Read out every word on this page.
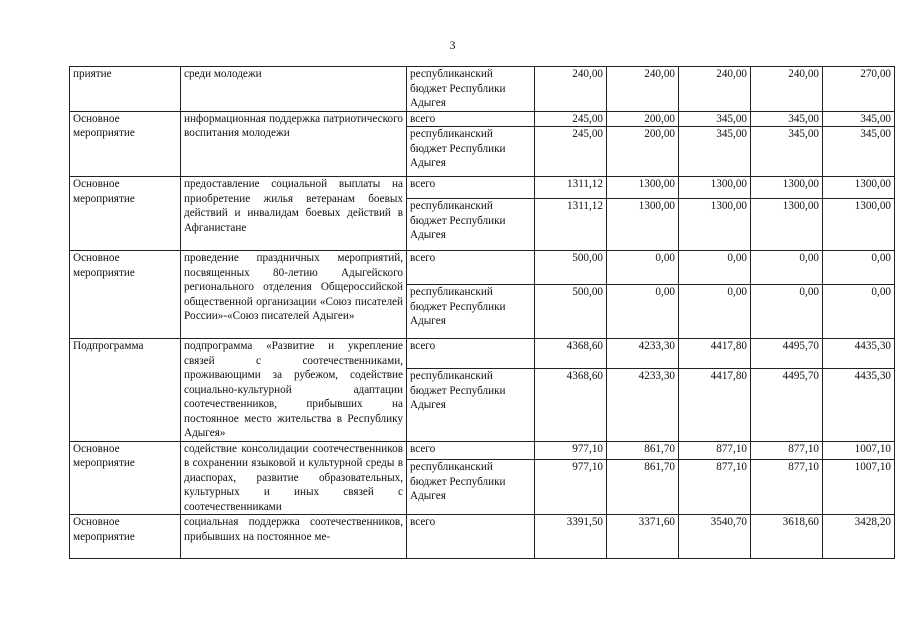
3
приятие	среди молодежи	республиканский
бюджет Республики
Адыгея	240,00	240,00	240,00	240,00	270,00
Основное мероприятие	информационная поддержка патриотического воспитания молодежи	всего	245,00	200,00	345,00	345,00	345,00
		республиканский
бюджет Республики
Адыгея	245,00	200,00	345,00	345,00	345,00
Основное мероприятие	предоставление социальной выплаты на приобретение жилья ветеранам боевых действий и инвалидам боевых действий в Афганистане	всего	1311,12	1300,00	1300,00	1300,00	1300,00
		республиканский
бюджет Республики
Адыгея	1311,12	1300,00	1300,00	1300,00	1300,00
Основное мероприятие	проведение праздничных мероприятий, посвященных 80-летию Адыгейского регионального отделения Общероссийской общественной организации «Союз писателей России»-«Союз писателей Адыгеи»	всего	500,00	0,00	0,00	0,00	0,00
		республиканский
бюджет Республики
Адыгея	500,00	0,00	0,00	0,00	0,00
Подпрограмма	подпрограмма «Развитие и укрепление связей с соотечественниками, проживающими за рубежом, содействие социально-культурной адаптации соотечественников, прибывших на постоянное место жительства в Республику Адыгея»	всего	4368,60	4233,30	4417,80	4495,70	4435,30
		республиканский
бюджет Республики
Адыгея	4368,60	4233,30	4417,80	4495,70	4435,30
Основное мероприятие	содействие консолидации соотечественников в сохранении языковой и культурной среды в диаспорах, развитие образовательных, культурных и иных связей с соотечественниками	всего	977,10	861,70	877,10	877,10	1007,10
		республиканский
бюджет Республики
Адыгея	977,10	861,70	877,10	877,10	1007,10
Основное мероприятие	социальная поддержка соотечественников, прибывших на постоянное ме-	всего	3391,50	3371,60	3540,70	3618,60	3428,20
